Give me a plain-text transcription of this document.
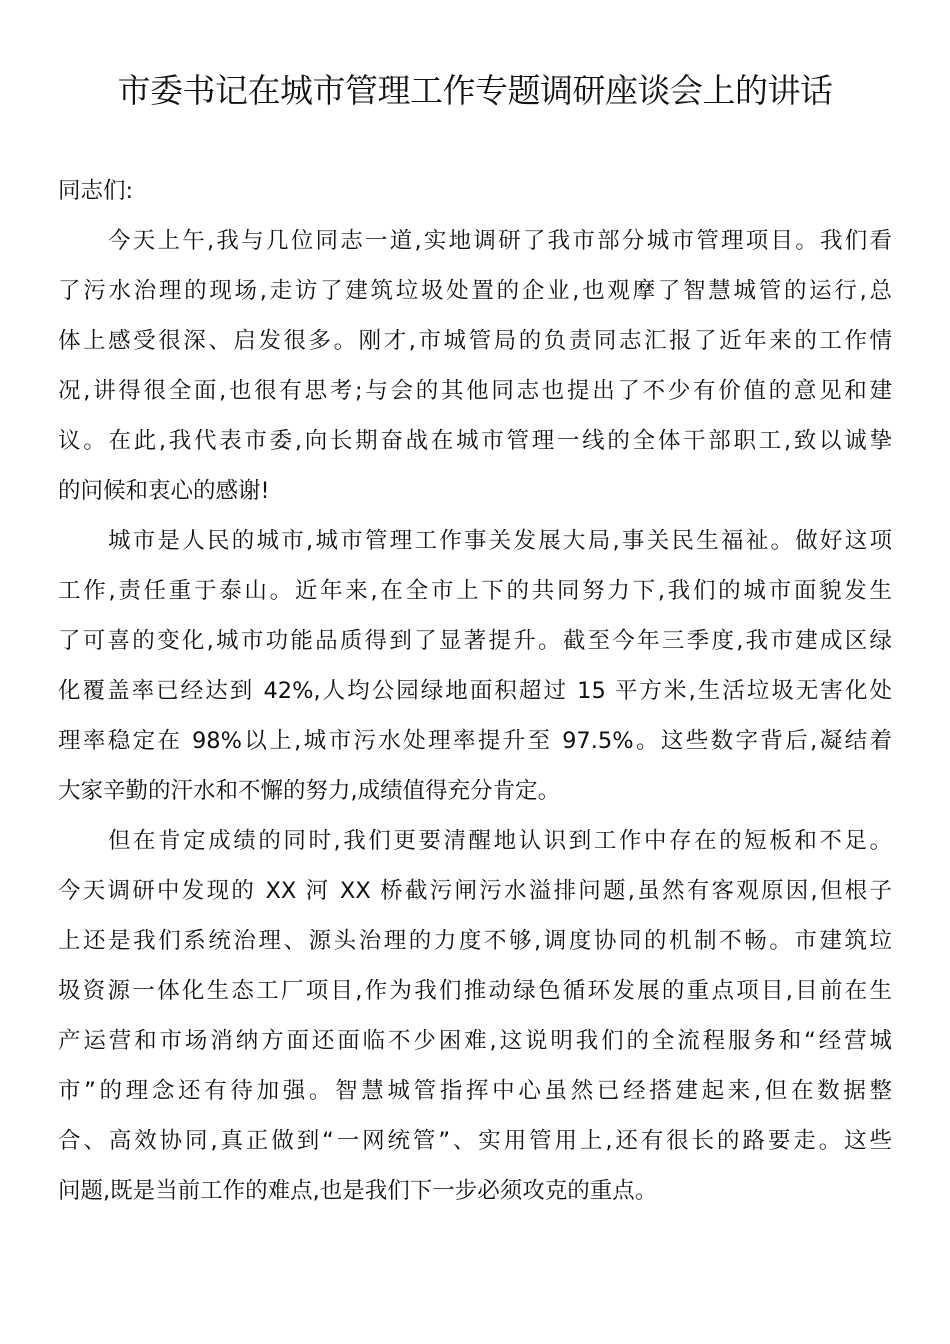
市委书记在城市管理工作专题调研座谈会上的讲话
同志们:
今天上午,我与几位同志一道,实地调研了我市部分城市管理项目。我们看
了污水治理的现场,走访了建筑垃圾处置的企业,也观摩了智慧城管的运行,总
体上感受很深、启发很多。刚才,市城管局的负责同志汇报了近年来的工作情
况,讲得很全面,也很有思考;与会的其他同志也提出了不少有价值的意见和建
议。在此,我代表市委,向长期奋战在城市管理一线的全体干部职工,致以诚挚
的问候和衷心的感谢!
城市是人民的城市,城市管理工作事关发展大局,事关民生福祉。做好这项
工作,责任重于泰山。近年来,在全市上下的共同努力下,我们的城市面貌发生
了可喜的变化,城市功能品质得到了显著提升。截至今年三季度,我市建成区绿
化覆盖率已经达到 42%,人均公园绿地面积超过 15 平方米,生活垃圾无害化处
理率稳定在 98%以上,城市污水处理率提升至 97.5%。这些数字背后,凝结着
大家辛勤的汗水和不懈的努力,成绩值得充分肯定。
但在肯定成绩的同时,我们更要清醒地认识到工作中存在的短板和不足。
今天调研中发现的 XX 河 XX 桥截污闸污水溢排问题,虽然有客观原因,但根子
上还是我们系统治理、源头治理的力度不够,调度协同的机制不畅。市建筑垃
圾资源一体化生态工厂项目,作为我们推动绿色循环发展的重点项目,目前在生
产运营和市场消纳方面还面临不少困难,这说明我们的全流程服务和“经营城
市”的理念还有待加强。智慧城管指挥中心虽然已经搭建起来,但在数据整
合、高效协同,真正做到“一网统管”、实用管用上,还有很长的路要走。这些
问题,既是当前工作的难点,也是我们下一步必须攻克的重点。
